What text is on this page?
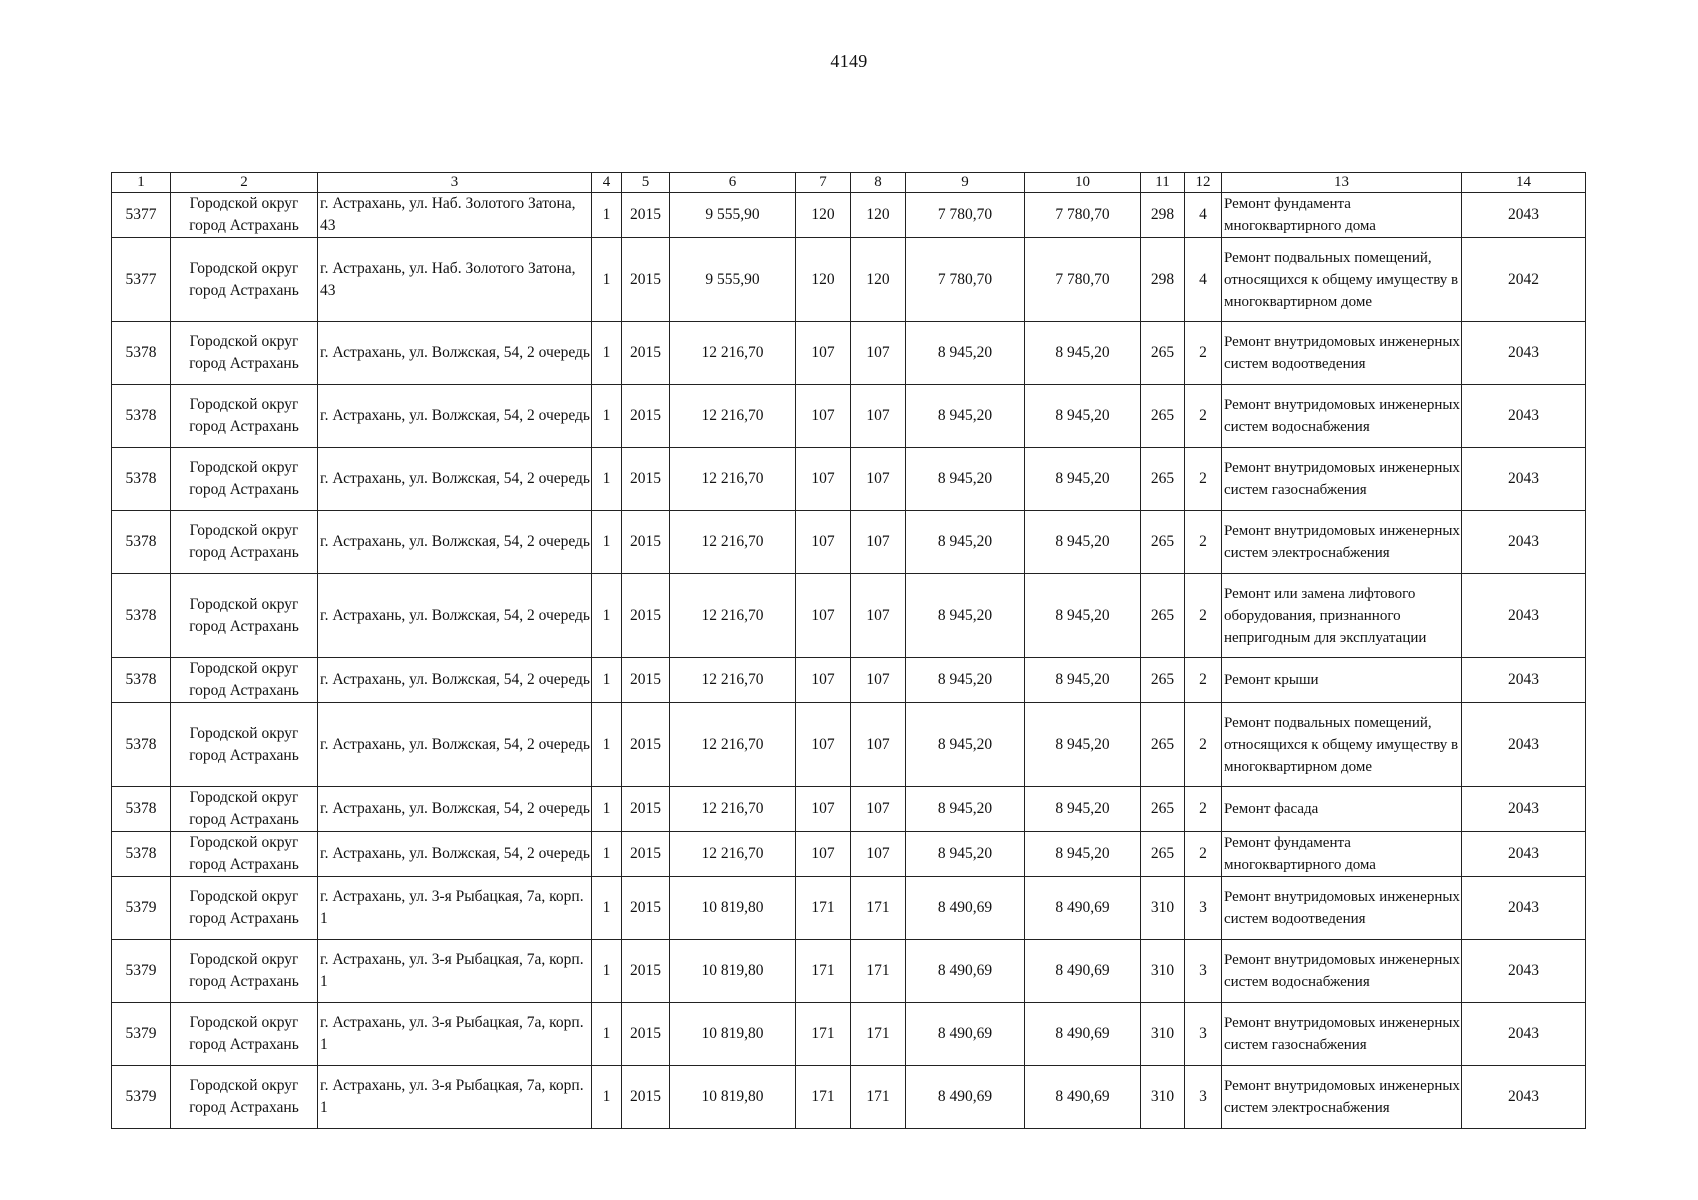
4149
1	2	3	4	5	6	7	8	9	10	11	12	13	14
5377	Городской округ город Астрахань	г. Астрахань, ул. Наб. Золотого Затона, 43	1	2015	9 555,90	120	120	7 780,70	7 780,70	298	4	Ремонт фундамента многоквартирного дома	2043
5377	Городской округ город Астрахань	г. Астрахань, ул. Наб. Золотого Затона, 43	1	2015	9 555,90	120	120	7 780,70	7 780,70	298	4	Ремонт подвальных помещений, относящихся к общему имуществу в многоквартирном доме	2042
5378	Городской округ город Астрахань	г. Астрахань, ул. Волжская, 54, 2 очередь	1	2015	12 216,70	107	107	8 945,20	8 945,20	265	2	Ремонт внутридомовых инженерных систем водоотведения	2043
5378	Городской округ город Астрахань	г. Астрахань, ул. Волжская, 54, 2 очередь	1	2015	12 216,70	107	107	8 945,20	8 945,20	265	2	Ремонт внутридомовых инженерных систем водоснабжения	2043
5378	Городской округ город Астрахань	г. Астрахань, ул. Волжская, 54, 2 очередь	1	2015	12 216,70	107	107	8 945,20	8 945,20	265	2	Ремонт внутридомовых инженерных систем газоснабжения	2043
5378	Городской округ город Астрахань	г. Астрахань, ул. Волжская, 54, 2 очередь	1	2015	12 216,70	107	107	8 945,20	8 945,20	265	2	Ремонт внутридомовых инженерных систем электроснабжения	2043
5378	Городской округ город Астрахань	г. Астрахань, ул. Волжская, 54, 2 очередь	1	2015	12 216,70	107	107	8 945,20	8 945,20	265	2	Ремонт или замена лифтового оборудования, признанного непригодным для эксплуатации	2043
5378	Городской округ город Астрахань	г. Астрахань, ул. Волжская, 54, 2 очередь	1	2015	12 216,70	107	107	8 945,20	8 945,20	265	2	Ремонт крыши	2043
5378	Городской округ город Астрахань	г. Астрахань, ул. Волжская, 54, 2 очередь	1	2015	12 216,70	107	107	8 945,20	8 945,20	265	2	Ремонт подвальных помещений, относящихся к общему имуществу в многоквартирном доме	2043
5378	Городской округ город Астрахань	г. Астрахань, ул. Волжская, 54, 2 очередь	1	2015	12 216,70	107	107	8 945,20	8 945,20	265	2	Ремонт фасада	2043
5378	Городской округ город Астрахань	г. Астрахань, ул. Волжская, 54, 2 очередь	1	2015	12 216,70	107	107	8 945,20	8 945,20	265	2	Ремонт фундамента многоквартирного дома	2043
5379	Городской округ город Астрахань	г. Астрахань, ул. 3-я Рыбацкая, 7а, корп. 1	1	2015	10 819,80	171	171	8 490,69	8 490,69	310	3	Ремонт внутридомовых инженерных систем водоотведения	2043
5379	Городской округ город Астрахань	г. Астрахань, ул. 3-я Рыбацкая, 7а, корп. 1	1	2015	10 819,80	171	171	8 490,69	8 490,69	310	3	Ремонт внутридомовых инженерных систем водоснабжения	2043
5379	Городской округ город Астрахань	г. Астрахань, ул. 3-я Рыбацкая, 7а, корп. 1	1	2015	10 819,80	171	171	8 490,69	8 490,69	310	3	Ремонт внутридомовых инженерных систем газоснабжения	2043
5379	Городской округ город Астрахань	г. Астрахань, ул. 3-я Рыбацкая, 7а, корп. 1	1	2015	10 819,80	171	171	8 490,69	8 490,69	310	3	Ремонт внутридомовых инженерных систем электроснабжения	2043
